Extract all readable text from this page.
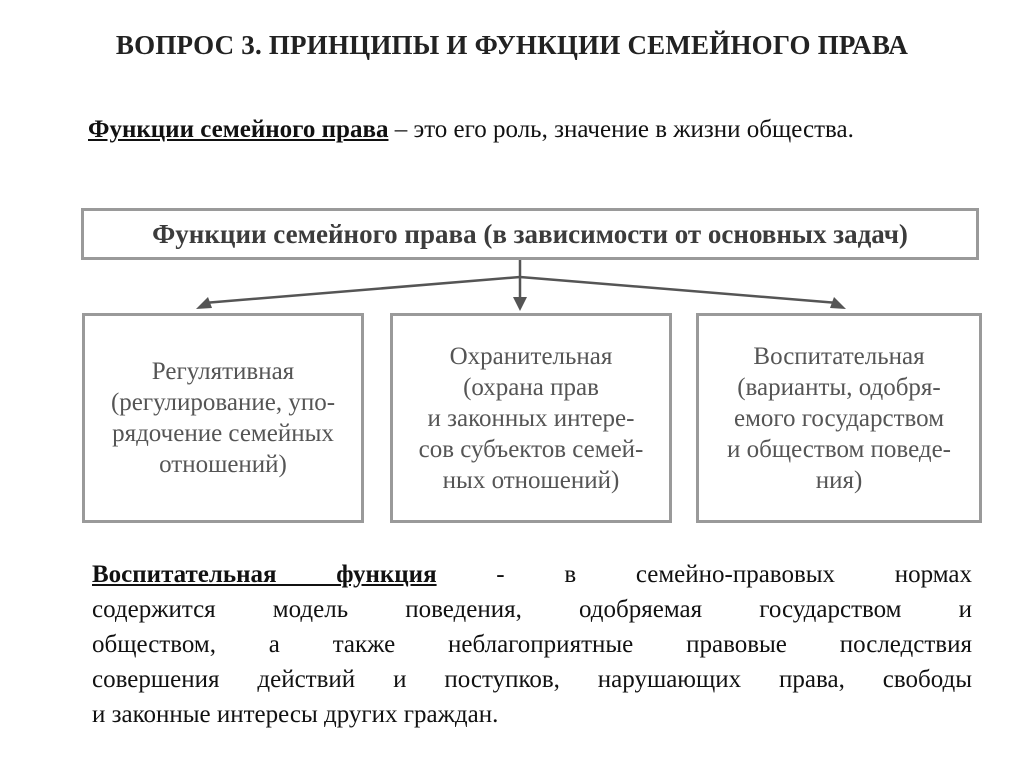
ВОПРОС 3. ПРИНЦИПЫ И ФУНКЦИИ СЕМЕЙНОГО ПРАВА
Функции семейного права – это его роль, значение в жизни общества.
Функции семейного права (в зависимости от основных задач)
Регулятивная
(регулирование, упо-
рядочение семейных
отношений)
Охранительная
(охрана прав
и законных интере-
сов субъектов семей-
ных отношений)
Воспитательная
(варианты, одобря-
емого государством
и обществом поведе-
ния)
Воспитательная функция - в семейно-правовых нормах
содержится модель поведения, одобряемая государством и
обществом, а также неблагоприятные правовые последствия
совершения действий и поступков, нарушающих права, свободы
и законные интересы других граждан.
